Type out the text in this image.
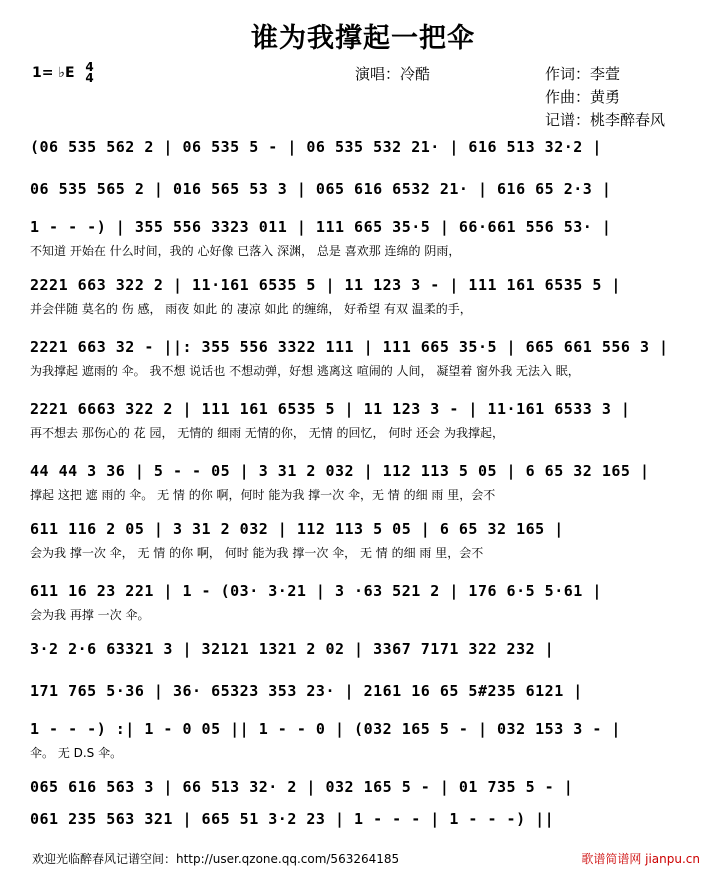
谁为我撑起一把伞
1= ♭E 4
4	演唱：冷酷	作词：李萱
作曲：黄勇
记谱：桃李醉春风
(06 535 562 2 | 06 535 5 - | 06 535 532 21· | 616 513 32·2 |
06 535 565 2 | 016 565 53 3 | 065 616 6532 21· | 616 65 2·3 |
1 - - -) | 355 556 3323 011 | 111 665 35·5 | 66·661 556 53· |
不知道 开始在 什么时间，我的 心好像 已落入 深渊， 总是 喜欢那 连绵的 阴雨，
2221 663 322 2 | 11·161 6535 5 | 11 123 3 - | 111 161 6535 5 |
并会伴随 莫名的 伤 感， 雨夜 如此 的 凄凉 如此 的缠绵， 好希望 有双 温柔的手，
2221 663 32 - ||: 355 556 3322 111 | 111 665 35·5 | 665 661 556 3 |
为我撑起 遮雨的 伞。 我不想 说话也 不想动弹，好想 逃离这 喧闹的 人间， 凝望着 窗外我 无法入 眠，
2221 6663 322 2 | 111 161 6535 5 | 11 123 3 - | 11·161 6533 3 |
再不想去 那伤心的 花 园， 无情的 细雨 无情的你， 无情 的回忆， 何时 还会 为我撑起，
44 44 3 36 | 5 - - 05 | 3 31 2 032 | 112 113 5 05 | 6 65 32 165 |
撑起 这把 遮 雨的 伞。 无 情 的你 啊，何时 能为我 撑一次 伞，无 情 的细 雨 里，会不
611 116 2 05 | 3 31 2 032 | 112 113 5 05 | 6 65 32 165 |
会为我 撑一次 伞， 无 情 的你 啊， 何时 能为我 撑一次 伞， 无 情 的细 雨 里，会不
611 16 23 221 | 1 - (03· 3·21 | 3 ·63 521 2 | 176 6·5 5·61 |
会为我 再撑 一次 伞。
3·2 2·6 63321 3 | 32121 1321 2 02 | 3367 7171 322 232 |
171 765 5·36 | 36· 65323 353 23· | 2161 16 65 5#235 6121 |
1 - - -) :| 1 - 0 05 || 1 - - 0 | (032 165 5 - | 032 153 3 - |
伞。 无 D.S 伞。
065 616 563 3 | 66 513 32· 2 | 032 165 5 - | 01 735 5 - |
061 235 563 321 | 665 51 3·2 23 | 1 - - - | 1 - - -) ||
欢迎光临醉春风记谱空间：http://user.qzone.qq.com/563264185	歌谱简谱网 jianpu.cn
